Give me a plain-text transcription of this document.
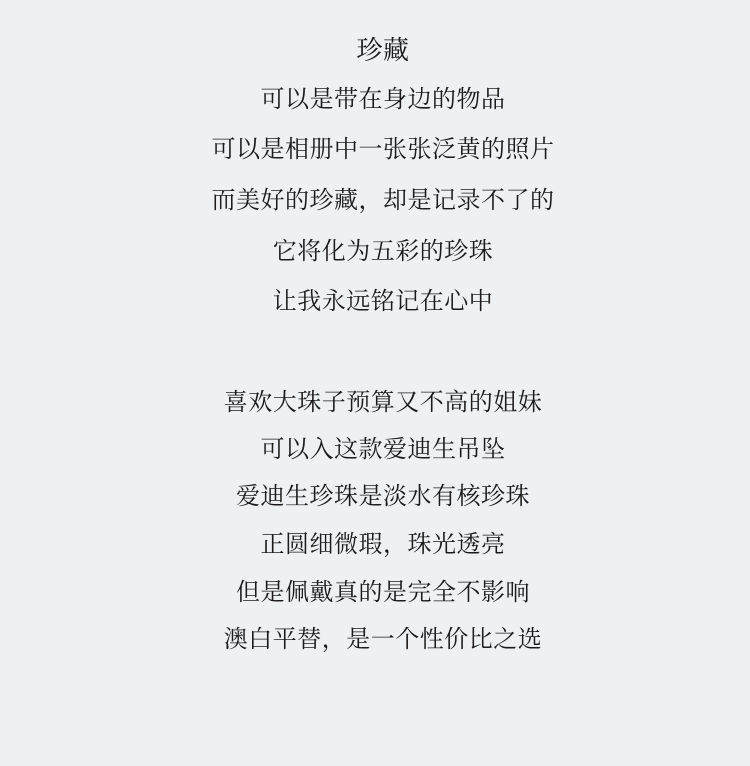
珍藏
可以是带在身边的物品
可以是相册中一张张泛黄的照片
而美好的珍藏，却是记录不了的
它将化为五彩的珍珠
让我永远铭记在心中
喜欢大珠子预算又不高的姐妹
可以入这款爱迪生吊坠
爱迪生珍珠是淡水有核珍珠
正圆细微瑕，珠光透亮
但是佩戴真的是完全不影响
澳白平替，是一个性价比之选
